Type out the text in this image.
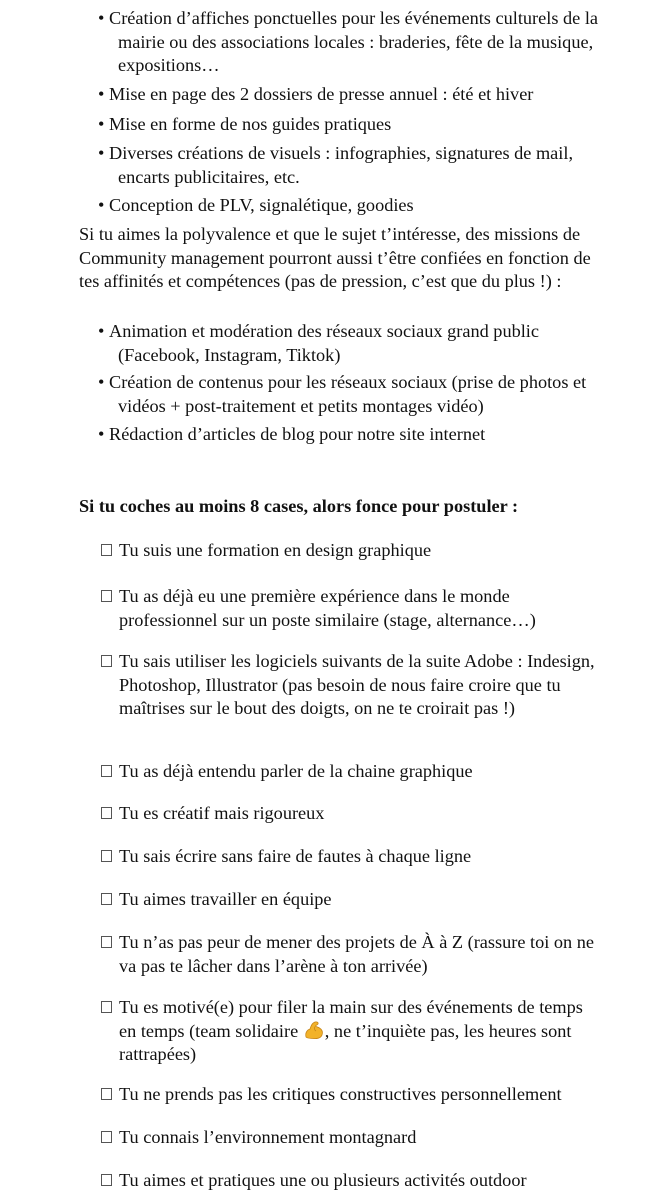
• Création d’affiches ponctuelles pour les événements culturels de la mairie ou des associations locales : braderies, fête de la musique, expositions…
• Mise en page des 2 dossiers de presse annuel : été et hiver
• Mise en forme de nos guides pratiques
• Diverses créations de visuels : infographies, signatures de mail, encarts publicitaires, etc.
• Conception de PLV, signalétique, goodies
Si tu aimes la polyvalence et que le sujet t’intéresse, des missions de Community management pourront aussi t’être confiées en fonction de tes affinités et compétences (pas de pression, c’est que du plus !) :
• Animation et modération des réseaux sociaux grand public (Facebook, Instagram, Tiktok)
• Création de contenus pour les réseaux sociaux (prise de photos et vidéos + post-traitement et petits montages vidéo)
• Rédaction d’articles de blog pour notre site internet
Si tu coches au moins 8 cases, alors fonce pour postuler :
Tu suis une formation en design graphique
Tu as déjà eu une première expérience dans le monde professionnel sur un poste similaire (stage, alternance…)
Tu sais utiliser les logiciels suivants de la suite Adobe : Indesign, Photoshop, Illustrator (pas besoin de nous faire croire que tu maîtrises sur le bout des doigts, on ne te croirait pas !)
Tu as déjà entendu parler de la chaine graphique
Tu es créatif mais rigoureux
Tu sais écrire sans faire de fautes à chaque ligne
Tu aimes travailler en équipe
Tu n’as pas peur de mener des projets de À à Z (rassure toi on ne va pas te lâcher dans l’arène à ton arrivée)
Tu es motivé(e) pour filer la main sur des événements de temps en temps (team solidaire , ne t’inquiète pas, les heures sont rattrapées)
Tu ne prends pas les critiques constructives personnellement
Tu connais l’environnement montagnard
Tu aimes et pratiques une ou plusieurs activités outdoor
